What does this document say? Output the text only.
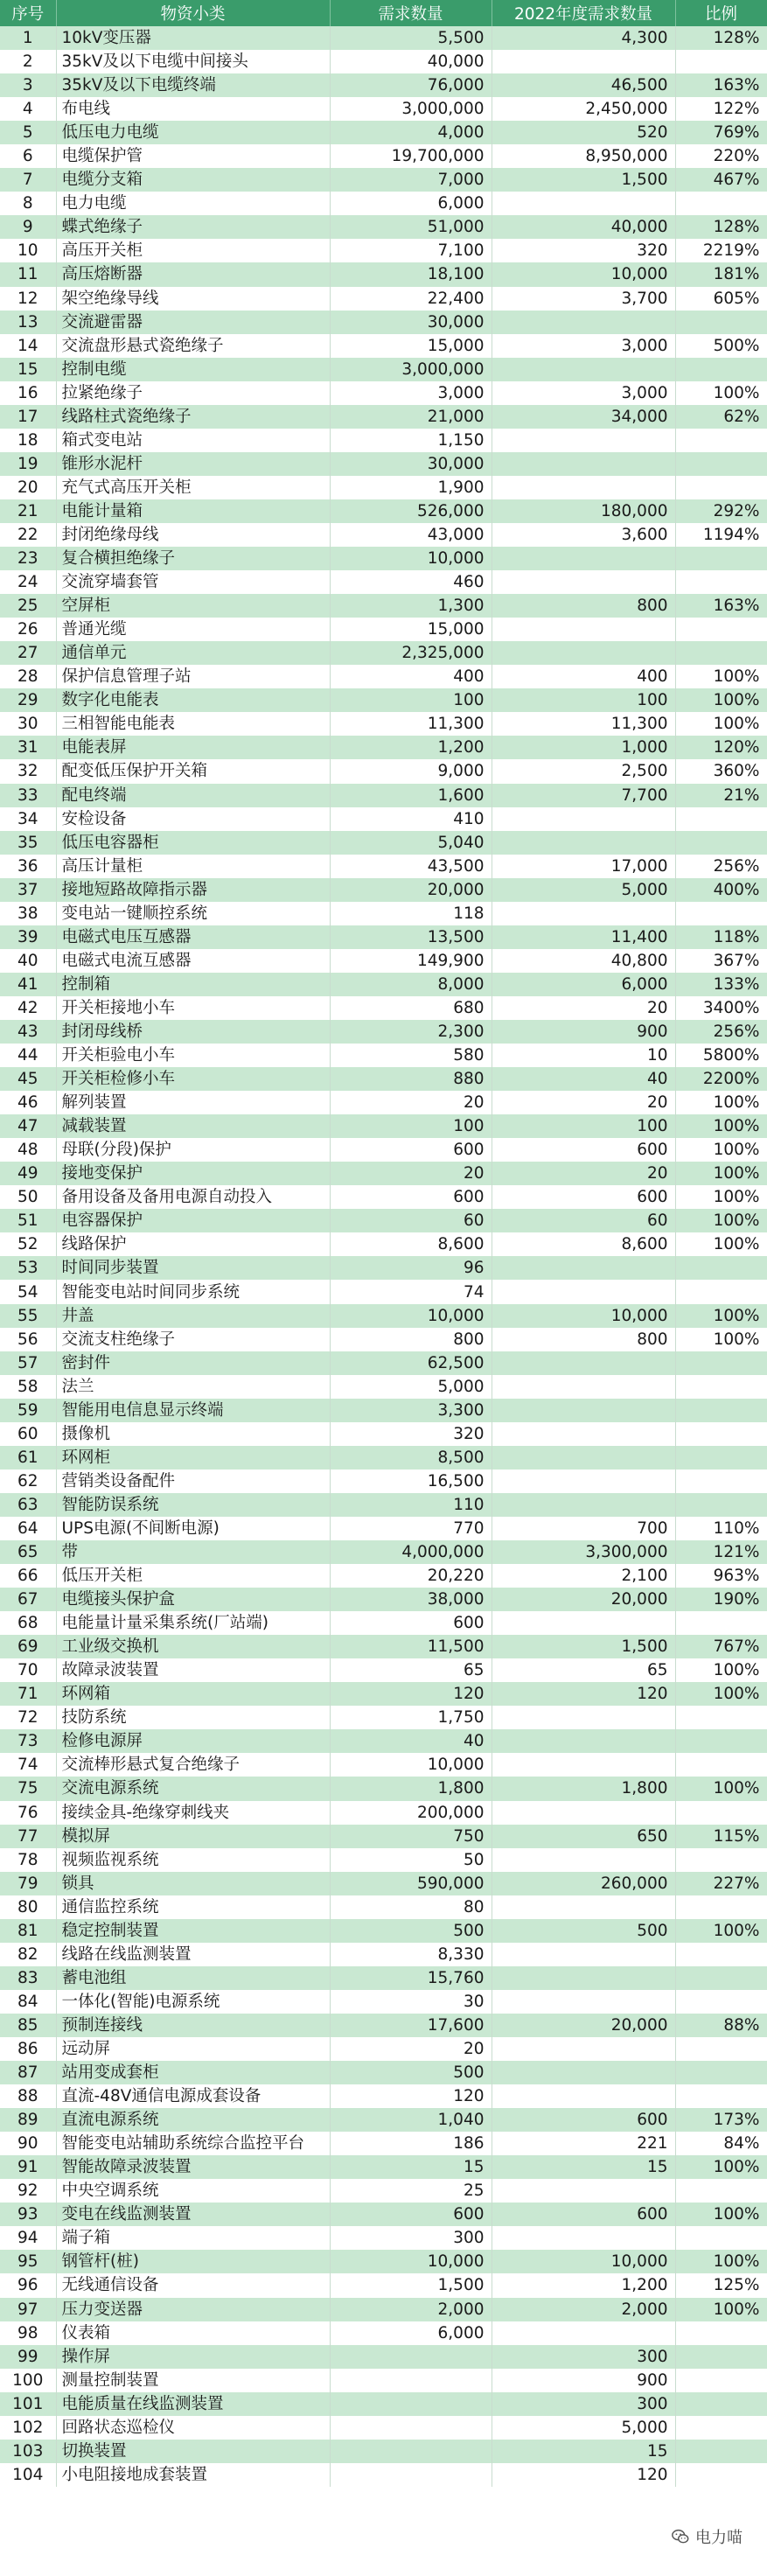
序号	物资小类	需求数量	2022年度需求数量	比例
1	10kV变压器	5,500	4,300	128%
2	35kV及以下电缆中间接头	40,000		
3	35kV及以下电缆终端	76,000	46,500	163%
4	布电线	3,000,000	2,450,000	122%
5	低压电力电缆	4,000	520	769%
6	电缆保护管	19,700,000	8,950,000	220%
7	电缆分支箱	7,000	1,500	467%
8	电力电缆	6,000		
9	蝶式绝缘子	51,000	40,000	128%
10	高压开关柜	7,100	320	2219%
11	高压熔断器	18,100	10,000	181%
12	架空绝缘导线	22,400	3,700	605%
13	交流避雷器	30,000		
14	交流盘形悬式瓷绝缘子	15,000	3,000	500%
15	控制电缆	3,000,000		
16	拉紧绝缘子	3,000	3,000	100%
17	线路柱式瓷绝缘子	21,000	34,000	62%
18	箱式变电站	1,150		
19	锥形水泥杆	30,000		
20	充气式高压开关柜	1,900		
21	电能计量箱	526,000	180,000	292%
22	封闭绝缘母线	43,000	3,600	1194%
23	复合横担绝缘子	10,000		
24	交流穿墙套管	460		
25	空屏柜	1,300	800	163%
26	普通光缆	15,000		
27	通信单元	2,325,000		
28	保护信息管理子站	400	400	100%
29	数字化电能表	100	100	100%
30	三相智能电能表	11,300	11,300	100%
31	电能表屏	1,200	1,000	120%
32	配变低压保护开关箱	9,000	2,500	360%
33	配电终端	1,600	7,700	21%
34	安检设备	410		
35	低压电容器柜	5,040		
36	高压计量柜	43,500	17,000	256%
37	接地短路故障指示器	20,000	5,000	400%
38	变电站一键顺控系统	118		
39	电磁式电压互感器	13,500	11,400	118%
40	电磁式电流互感器	149,900	40,800	367%
41	控制箱	8,000	6,000	133%
42	开关柜接地小车	680	20	3400%
43	封闭母线桥	2,300	900	256%
44	开关柜验电小车	580	10	5800%
45	开关柜检修小车	880	40	2200%
46	解列装置	20	20	100%
47	减载装置	100	100	100%
48	母联(分段)保护	600	600	100%
49	接地变保护	20	20	100%
50	备用设备及备用电源自动投入	600	600	100%
51	电容器保护	60	60	100%
52	线路保护	8,600	8,600	100%
53	时间同步装置	96		
54	智能变电站时间同步系统	74		
55	井盖	10,000	10,000	100%
56	交流支柱绝缘子	800	800	100%
57	密封件	62,500		
58	法兰	5,000		
59	智能用电信息显示终端	3,300		
60	摄像机	320		
61	环网柜	8,500		
62	营销类设备配件	16,500		
63	智能防误系统	110		
64	UPS电源(不间断电源)	770	700	110%
65	带	4,000,000	3,300,000	121%
66	低压开关柜	20,220	2,100	963%
67	电缆接头保护盒	38,000	20,000	190%
68	电能量计量采集系统(厂站端)	600		
69	工业级交换机	11,500	1,500	767%
70	故障录波装置	65	65	100%
71	环网箱	120	120	100%
72	技防系统	1,750		
73	检修电源屏	40		
74	交流棒形悬式复合绝缘子	10,000		
75	交流电源系统	1,800	1,800	100%
76	接续金具-绝缘穿刺线夹	200,000		
77	模拟屏	750	650	115%
78	视频监视系统	50		
79	锁具	590,000	260,000	227%
80	通信监控系统	80		
81	稳定控制装置	500	500	100%
82	线路在线监测装置	8,330		
83	蓄电池组	15,760		
84	一体化(智能)电源系统	30		
85	预制连接线	17,600	20,000	88%
86	远动屏	20		
87	站用变成套柜	500		
88	直流-48V通信电源成套设备	120		
89	直流电源系统	1,040	600	173%
90	智能变电站辅助系统综合监控平台	186	221	84%
91	智能故障录波装置	15	15	100%
92	中央空调系统	25		
93	变电在线监测装置	600	600	100%
94	端子箱	300		
95	钢管杆(桩)	10,000	10,000	100%
96	无线通信设备	1,500	1,200	125%
97	压力变送器	2,000	2,000	100%
98	仪表箱	6,000		
99	操作屏		300	
100	测量控制装置		900	
101	电能质量在线监测装置		300	
102	回路状态巡检仪		5,000	
103	切换装置		15	
104	小电阻接地成套装置		120	
电力喵
